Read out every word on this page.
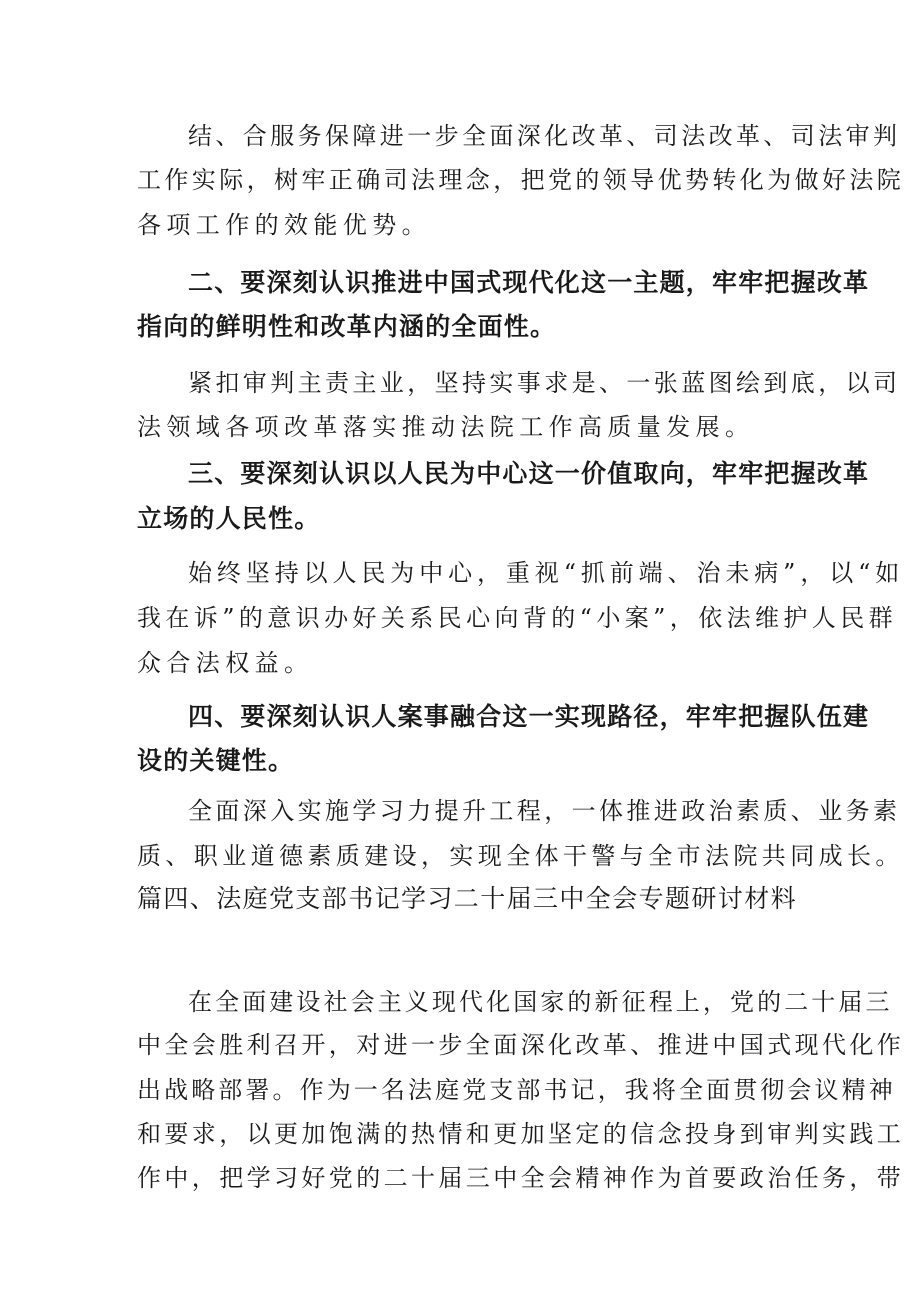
结、合服务保障进一步全面深化改革、司法改革、司法审判

工作实际，树牢正确司法理念，把党的领导优势转化为做好法院

各项工作的效能优势。

二、要深刻认识推进中国式现代化这一主题，牢牢把握改革

指向的鲜明性和改革内涵的全面性。

紧扣审判主责主业，坚持实事求是、一张蓝图绘到底，以司

法领域各项改革落实推动法院工作高质量发展。

三、要深刻认识以人民为中心这一价值取向，牢牢把握改革

立场的人民性。

始终坚持以人民为中心，重视“抓前端、治未病”，以“如

我在诉”的意识办好关系民心向背的“小案”，依法维护人民群

众合法权益。

四、要深刻认识人案事融合这一实现路径，牢牢把握队伍建

设的关键性。

全面深入实施学习力提升工程，一体推进政治素质、业务素

质、职业道德素质建设，实现全体干警与全市法院共同成长。

篇四、法庭党支部书记学习二十届三中全会专题研讨材料

在全面建设社会主义现代化国家的新征程上，党的二十届三

中全会胜利召开，对进一步全面深化改革、推进中国式现代化作

出战略部署。作为一名法庭党支部书记，我将全面贯彻会议精神

和要求，以更加饱满的热情和更加坚定的信念投身到审判实践工

作中，把学习好党的二十届三中全会精神作为首要政治任务，带
